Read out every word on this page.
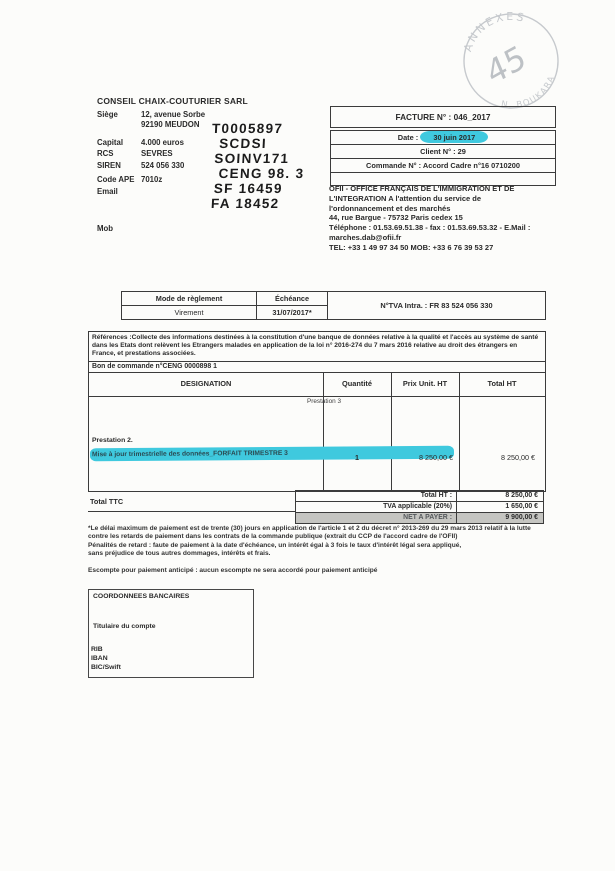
ANNEXES
N. BOUKARA
45
CONSEIL CHAIX-COUTURIER SARL
Siège	12, avenue Sorbe
92190 MEUDON
Capital 4.000 euros
RCS	SEVRES
SIREN	524 056 330
Code APE 7010z
Email
Mob
T0005897
SCDSI
SOINV171
CENG 98. 3
SF 16459
FA 18452
FACTURE N° : 046_2017
Date : 30 juin 2017
Client N° : 29
Commande N° : Accord Cadre n°16 0710200
OFII - OFFICE FRANÇAIS DE L'IMMIGRATION ET DE
L'INTEGRATION A l'attention du service de
l'ordonnancement et des marchés
44, rue Bargue - 75732 Paris cedex 15
Téléphone : 01.53.69.51.38 - fax : 01.53.69.53.32 - E.Mail :
marches.dab@ofii.fr
TEL: +33 1 49 97 34 50 MOB: +33 6 76 39 53 27
Mode de règlement	Échéance
Virement	31/07/2017*
N°TVA Intra. : FR 83 524 056 330
Références :Collecte des informations destinées à la constitution d'une banque de données relative à la qualité et l'accès au système de santé dans les Etats dont relèvent les Etrangers malades en application de la loi n° 2016-274 du 7 mars 2016 relative au droit des étrangers en France, et prestations associées.
Bon de commande n°CENG 0000898 1
DESIGNATION	Quantité	Prix Unit. HT	Total HT
Prestation 3
Prestation 2.
Mise à jour trimestrielle des données_FORFAIT TRIMESTRE 3	1	8 250,00 €	8 250,00 €
Total TTC
Total HT :	8 250,00 €
TVA applicable (20%)	1 650,00 €
NET A PAYER :	9 900,00 €
*Le délai maximum de paiement est de trente (30) jours en application de l'article 1 et 2 du décret n° 2013-269 du 29 mars 2013 relatif à la lutte contre les retards de paiement dans les contrats de la commande publique (extrait du CCP de l'accord cadre de l'OFII)
Pénalités de retard : faute de paiement à la date d'échéance, un intérêt égal à 3 fois le taux d'intérêt légal sera appliqué,
sans préjudice de tous autres dommages, intérêts et frais.
Escompte pour paiement anticipé : aucun escompte ne sera accordé pour paiement anticipé
COORDONNEES BANCAIRES
Titulaire du compte
RIB
IBAN
BIC/Swift
